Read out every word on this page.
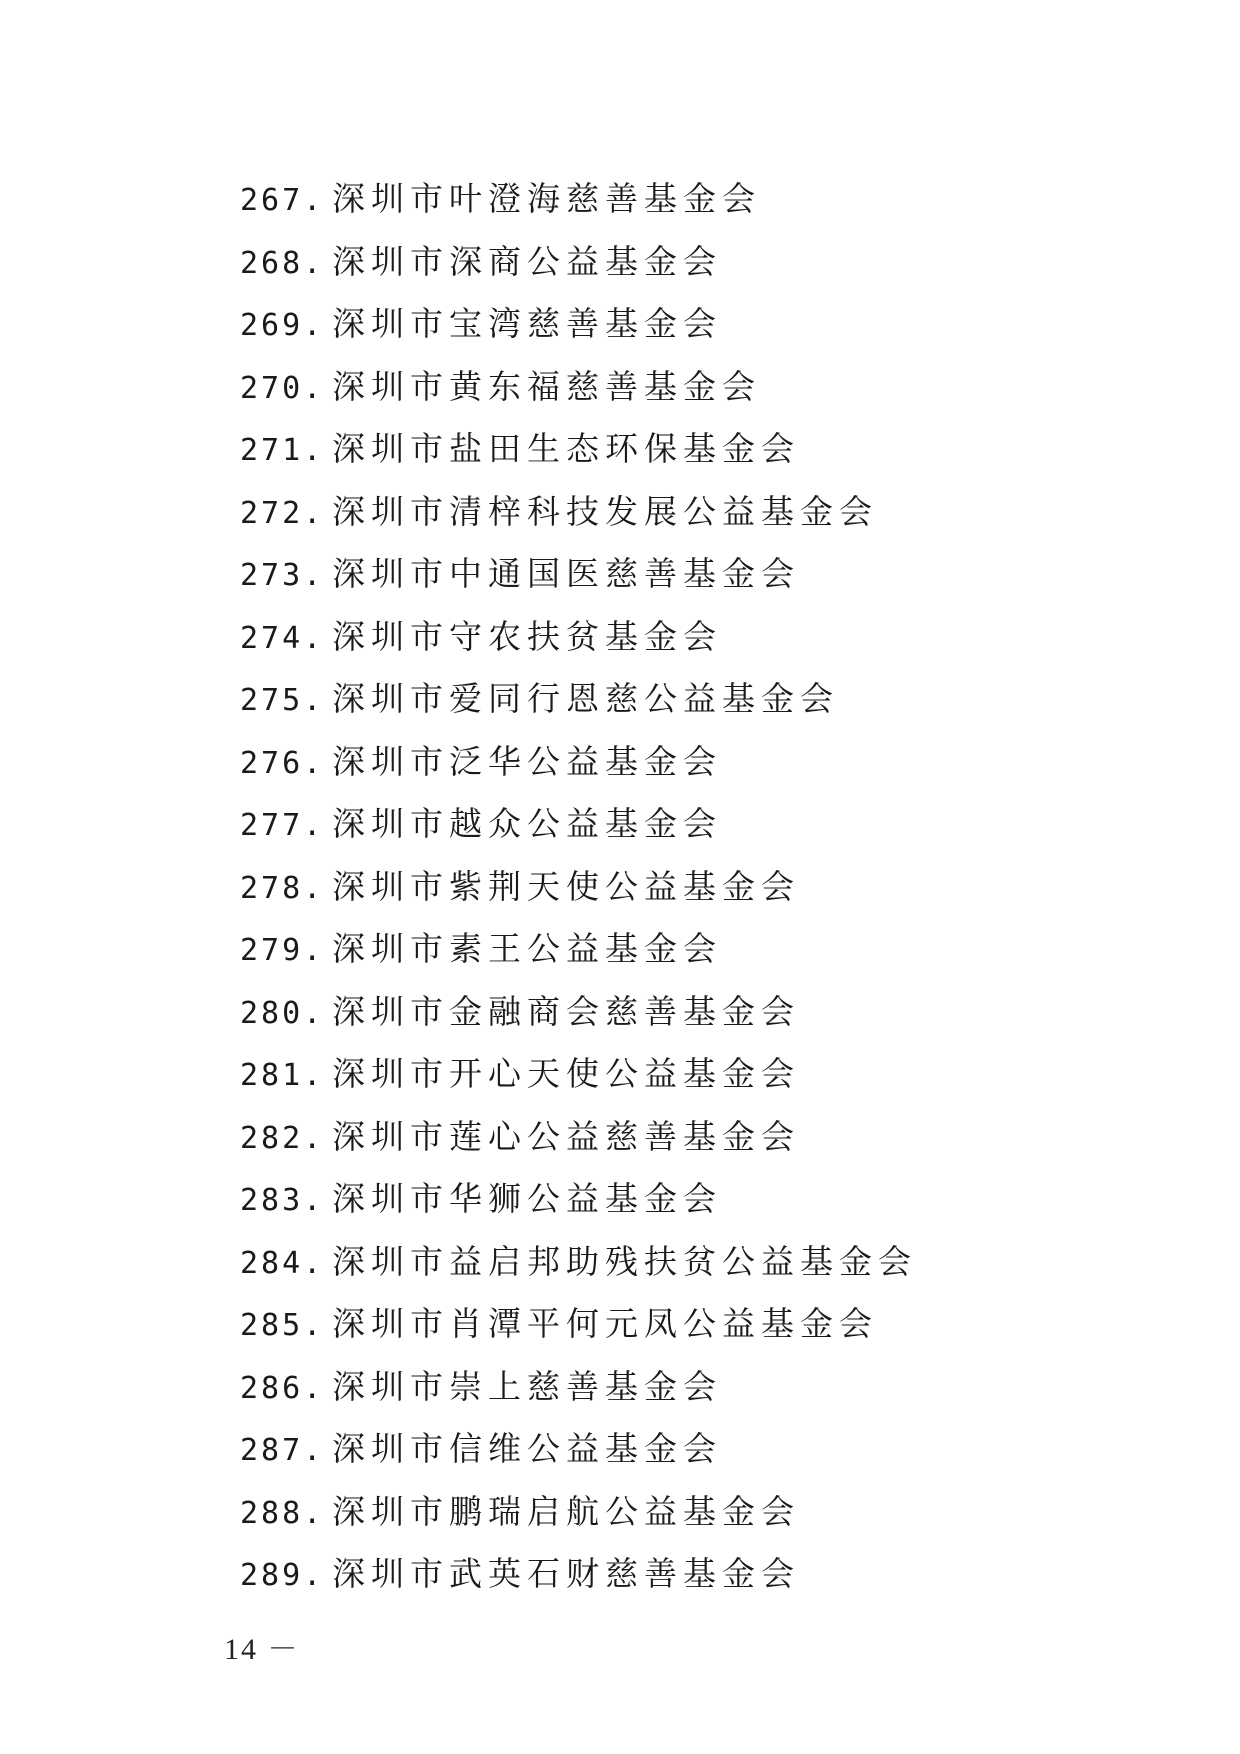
267. 深圳市叶澄海慈善基金会
268. 深圳市深商公益基金会
269. 深圳市宝湾慈善基金会
270. 深圳市黄东福慈善基金会
271. 深圳市盐田生态环保基金会
272. 深圳市清梓科技发展公益基金会
273. 深圳市中通国医慈善基金会
274. 深圳市守农扶贫基金会
275. 深圳市爱同行恩慈公益基金会
276. 深圳市泛华公益基金会
277. 深圳市越众公益基金会
278. 深圳市紫荆天使公益基金会
279. 深圳市素王公益基金会
280. 深圳市金融商会慈善基金会
281. 深圳市开心天使公益基金会
282. 深圳市莲心公益慈善基金会
283. 深圳市华狮公益基金会
284. 深圳市益启邦助残扶贫公益基金会
285. 深圳市肖潭平何元凤公益基金会
286. 深圳市崇上慈善基金会
287. 深圳市信维公益基金会
288. 深圳市鹏瑞启航公益基金会
289. 深圳市武英石财慈善基金会
14 －
